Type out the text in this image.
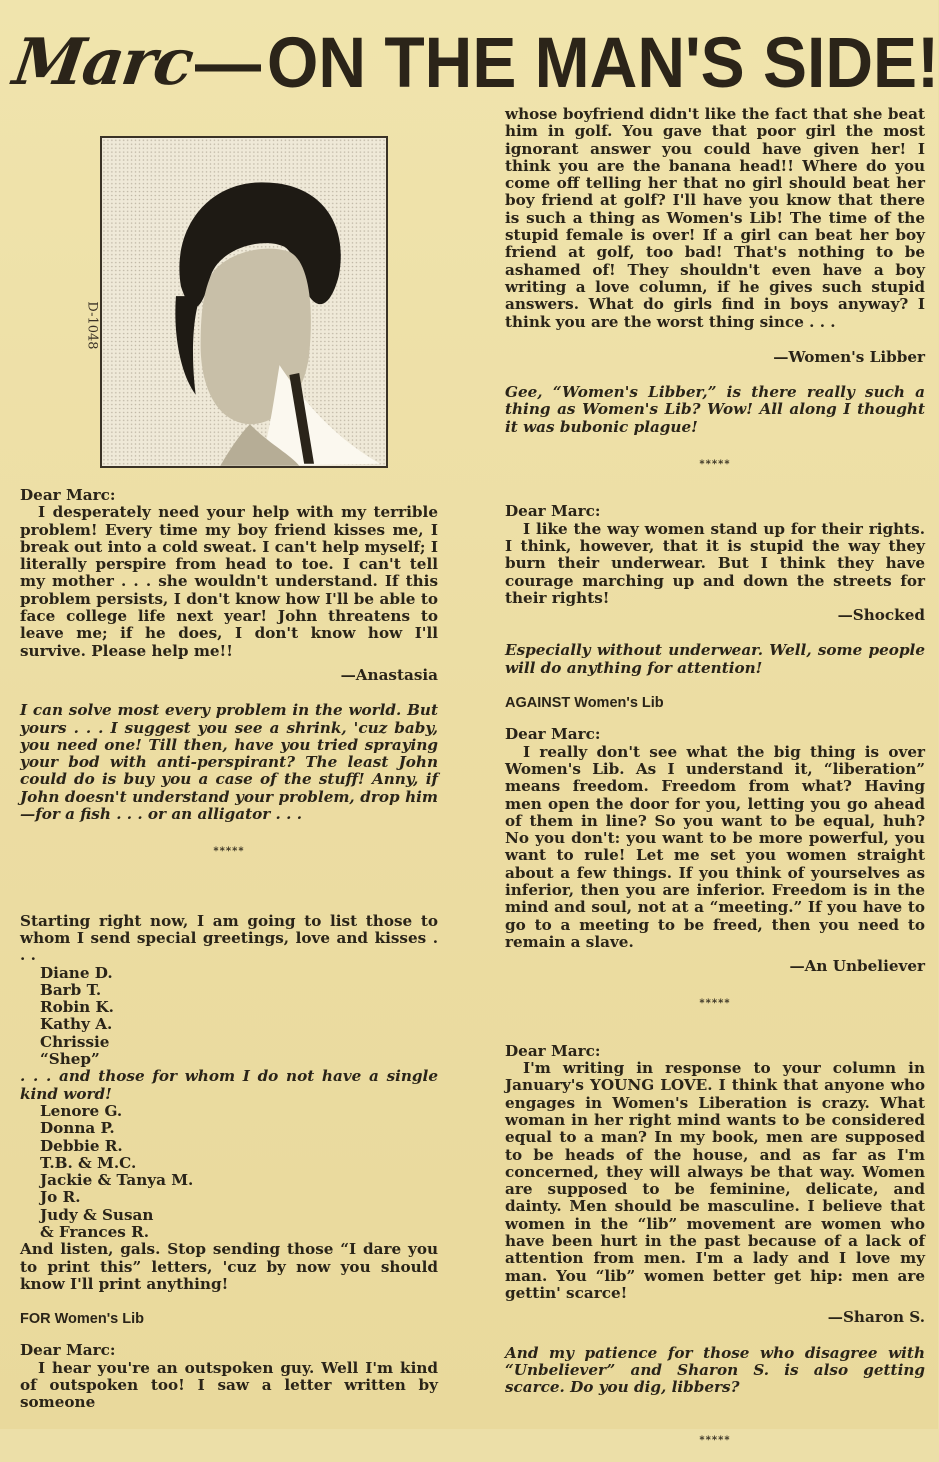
Marc
— ON THE MAN'S SIDE!
D-1048
Dear Marc:
I desperately need your help with my terrible problem! Every time my boy friend kisses me, I break out into a cold sweat. I can't help myself; I literally perspire from head to toe. I can't tell my mother . . . she wouldn't understand. If this problem persists, I don't know how I'll be able to face college life next year! John threatens to leave me; if he does, I don't know how I'll survive. Please help me!!
—Anastasia
I can solve most every problem in the world. But yours . . . I suggest you see a shrink, 'cuz baby, you need one! Till then, have you tried spraying your bod with anti-perspirant? The least John could do is buy you a case of the stuff! Anny, if John doesn't understand your problem, drop him—for a fish . . . or an alligator . . .
*****
Starting right now, I am going to list those to whom I send special greetings, love and kisses . . .
Diane D.
Barb T.
Robin K.
Kathy A.
Chrissie
“Shep”
. . . and those for whom I do not have a single kind word!
Lenore G.
Donna P.
Debbie R.
T.B. & M.C.
Jackie & Tanya M.
Jo R.
Judy & Susan
& Frances R.
And listen, gals. Stop sending those “I dare you to print this” letters, 'cuz by now you should know I'll print anything!
FOR Women's Lib
Dear Marc:
I hear you're an outspoken guy. Well I'm kind of outspoken too! I saw a letter written by someone
whose boyfriend didn't like the fact that she beat him in golf. You gave that poor girl the most ignorant answer you could have given her! I think you are the banana head!! Where do you come off telling her that no girl should beat her boy friend at golf? I'll have you know that there is such a thing as Women's Lib! The time of the stupid female is over! If a girl can beat her boy friend at golf, too bad! That's nothing to be ashamed of! They shouldn't even have a boy writing a love column, if he gives such stupid answers. What do girls find in boys anyway? I think you are the worst thing since . . .
—Women's Libber
Gee, “Women's Libber,” is there really such a thing as Women's Lib? Wow! All along I thought it was bubonic plague!
*****
Dear Marc:
I like the way women stand up for their rights. I think, however, that it is stupid the way they burn their underwear. But I think they have courage marching up and down the streets for their rights!
—Shocked
Especially without underwear. Well, some people will do anything for attention!
AGAINST Women's Lib
Dear Marc:
I really don't see what the big thing is over Women's Lib. As I understand it, “liberation” means freedom. Freedom from what? Having men open the door for you, letting you go ahead of them in line? So you want to be equal, huh? No you don't: you want to be more powerful, you want to rule! Let me set you women straight about a few things. If you think of yourselves as inferior, then you are inferior. Freedom is in the mind and soul, not at a “meeting.” If you have to go to a meeting to be freed, then you need to remain a slave.
—An Unbeliever
*****
Dear Marc:
I'm writing in response to your column in January's YOUNG LOVE. I think that anyone who engages in Women's Liberation is crazy. What woman in her right mind wants to be considered equal to a man? In my book, men are supposed to be heads of the house, and as far as I'm concerned, they will always be that way. Women are supposed to be feminine, delicate, and dainty. Men should be masculine. I believe that women in the “lib” movement are women who have been hurt in the past because of a lack of attention from men. I'm a lady and I love my man. You “lib” women better get hip: men are gettin' scarce!
—Sharon S.
And my patience for those who disagree with “Unbeliever” and Sharon S. is also getting scarce. Do you dig, libbers?
*****
